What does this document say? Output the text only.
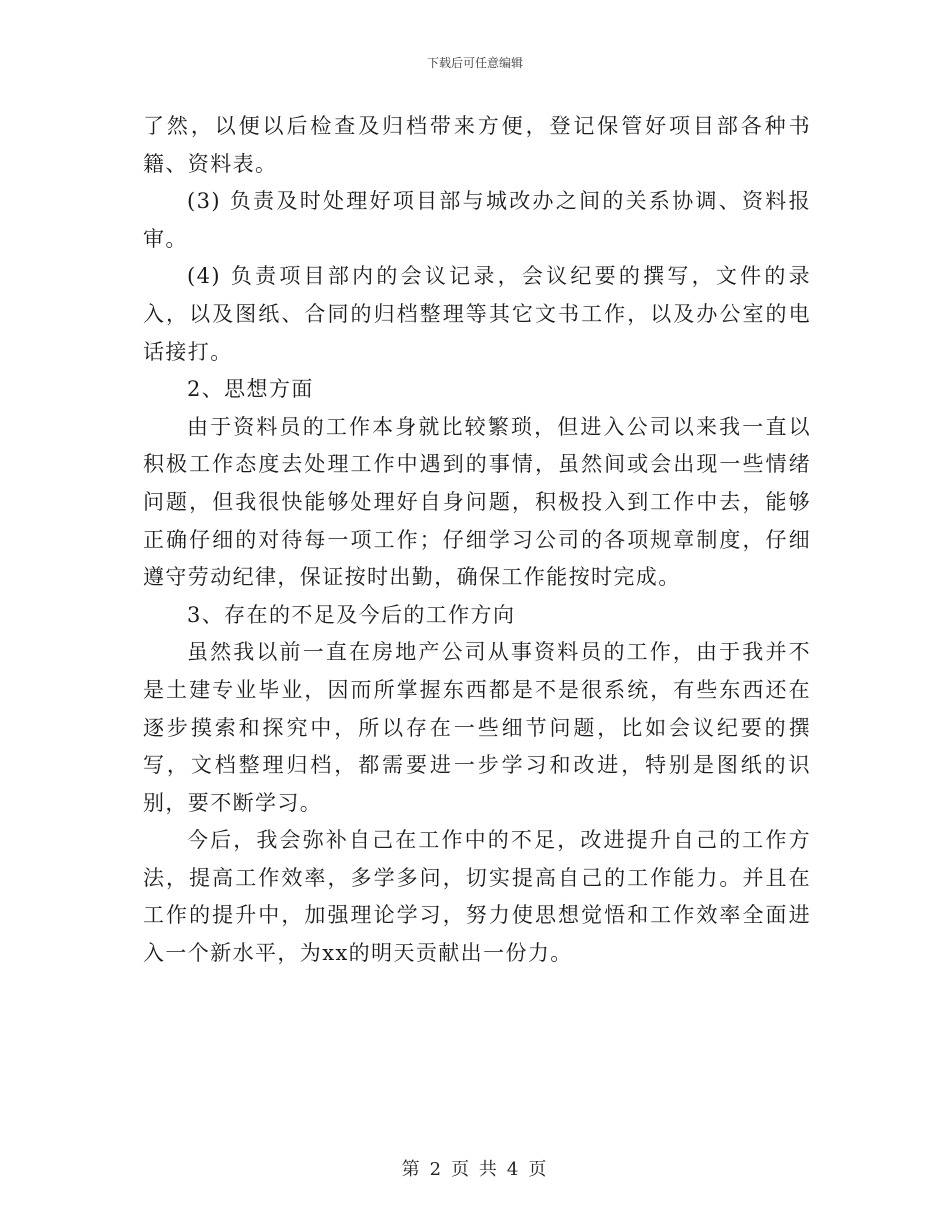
下载后可任意编辑

了然，以便以后检查及归档带来方便，登记保管好项目部各种书籍、资料表。

(3) 负责及时处理好项目部与城改办之间的关系协调、资料报审。

(4) 负责项目部内的会议记录，会议纪要的撰写，文件的录入，以及图纸、合同的归档整理等其它文书工作，以及办公室的电话接打。

2、思想方面

由于资料员的工作本身就比较繁琐，但进入公司以来我一直以积极工作态度去处理工作中遇到的事情，虽然间或会出现一些情绪问题，但我很快能够处理好自身问题，积极投入到工作中去，能够正确仔细的对待每一项工作；仔细学习公司的各项规章制度，仔细遵守劳动纪律，保证按时出勤，确保工作能按时完成。

3、存在的不足及今后的工作方向

虽然我以前一直在房地产公司从事资料员的工作，由于我并不是土建专业毕业，因而所掌握东西都是不是很系统，有些东西还在逐步摸索和探究中，所以存在一些细节问题，比如会议纪要的撰写，文档整理归档，都需要进一步学习和改进，特别是图纸的识别，要不断学习。

今后，我会弥补自己在工作中的不足，改进提升自己的工作方法，提高工作效率，多学多问，切实提高自己的工作能力。并且在工作的提升中，加强理论学习，努力使思想觉悟和工作效率全面进入一个新水平，为xx的明天贡献出一份力。

第 2 页 共 4 页
